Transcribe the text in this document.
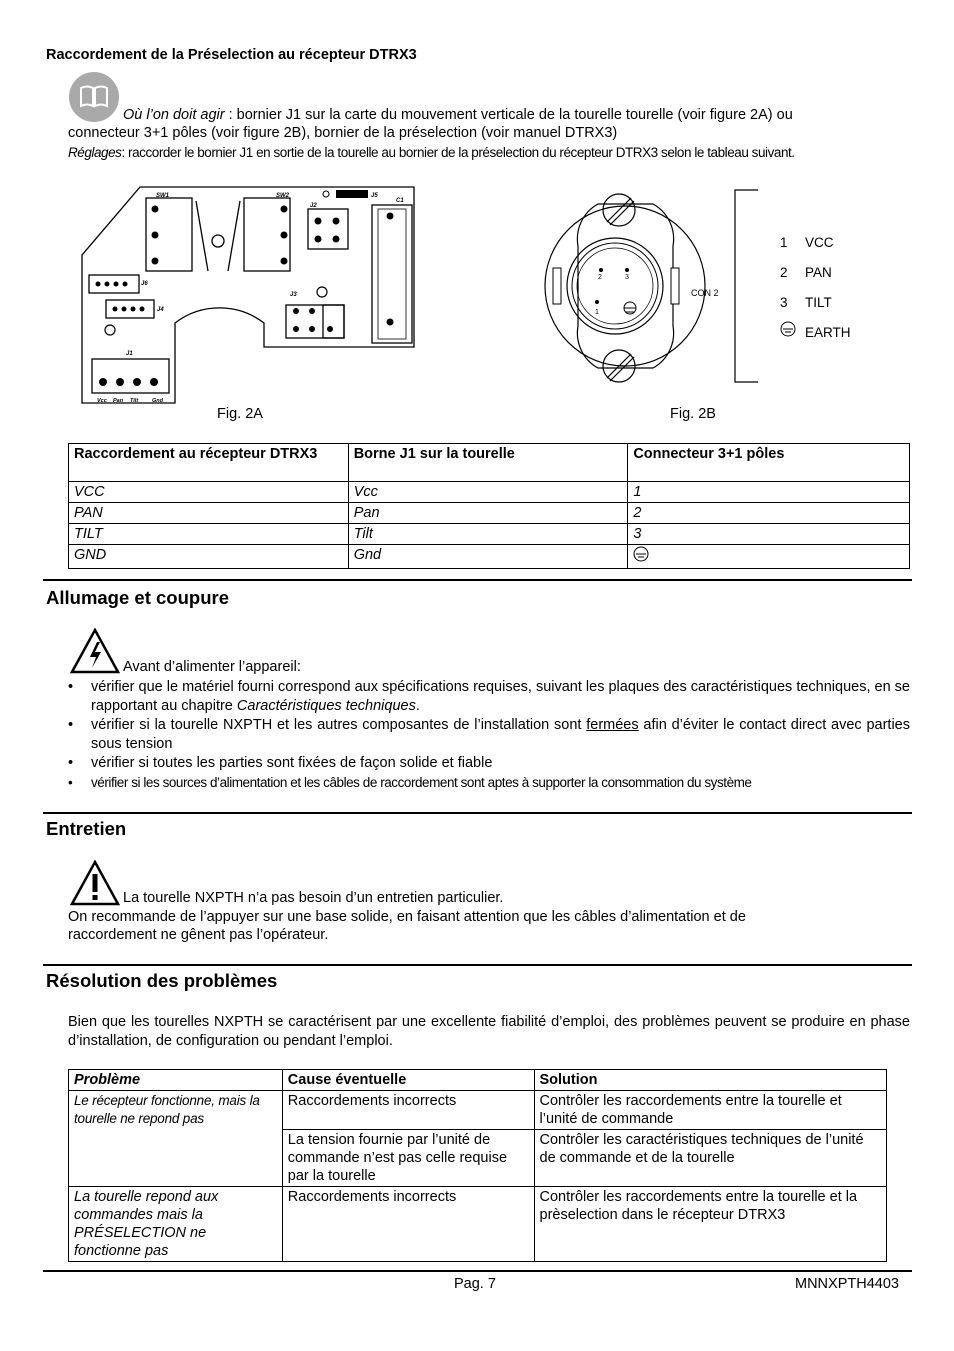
Raccordement de la Préselection au récepteur DTRX3
Où l’on doit agir : bornier J1 sur la carte du mouvement verticale de la tourelle tourelle (voir figure 2A) ou
connecteur 3+1 pôles (voir figure 2B), bornier de la préselection (voir manuel DTRX3)
Réglages: raccorder le bornier J1 en sortie de la tourelle au bornier de la préselection du récepteur DTRX3 selon le tableau suivant.
SW1	SW2	J5
C1
J2
J6
J4
J3
J1
Vcc Pan Tilt	Gnd
Fig. 2A
2	3
1
CON 2
1 VCC
2 PAN
3 TILT
EARTH
Fig. 2B
Raccordement au récepteur DTRX3	Borne J1 sur la tourelle	Connecteur 3+1 pôles
VCC	Vcc	1
PAN	Pan	2
TILT	Tilt	3
GND	Gnd	
Allumage et coupure
Avant d’alimenter l’appareil:
• vérifier que le matériel fourni correspond aux spécifications requises, suivant les plaques des caractéristiques techniques, en se rapportant au chapitre Caractéristiques techniques.
• vérifier si la tourelle NXPTH et les autres composantes de l’installation sont fermées afin d’éviter le contact direct avec parties sous tension
• vérifier si toutes les parties sont fixées de façon solide et fiable
• vérifier si les sources d’alimentation et les câbles de raccordement sont aptes à supporter la consommation du système
Entretien
La tourelle NXPTH n’a pas besoin d’un entretien particulier.
On recommande de l’appuyer sur une base solide, en faisant attention que les câbles d’alimentation et de
raccordement ne gênent pas l’opérateur.
Résolution des problèmes
Bien que les tourelles NXPTH se caractérisent par une excellente fiabilité d’emploi, des problèmes peuvent se produire en phase d’installation, de configuration ou pendant l’emploi.
Problème	Cause éventuelle	Solution
Le récepteur fonctionne, mais la tourelle ne repond pas	Raccordements incorrects	Contrôler les raccordements entre la tourelle et l’unité de commande
	La tension fournie par l’unité de commande n’est pas celle requise par la tourelle	Contrôler les caractéristiques techniques de l’unité de commande et de la tourelle
La tourelle repond aux commandes mais la PRÉSELECTION ne fonctionne pas	Raccordements incorrects	Contrôler les raccordements entre la tourelle et la prèselection dans le récepteur DTRX3
Pag. 7	MNNXPTH4403
